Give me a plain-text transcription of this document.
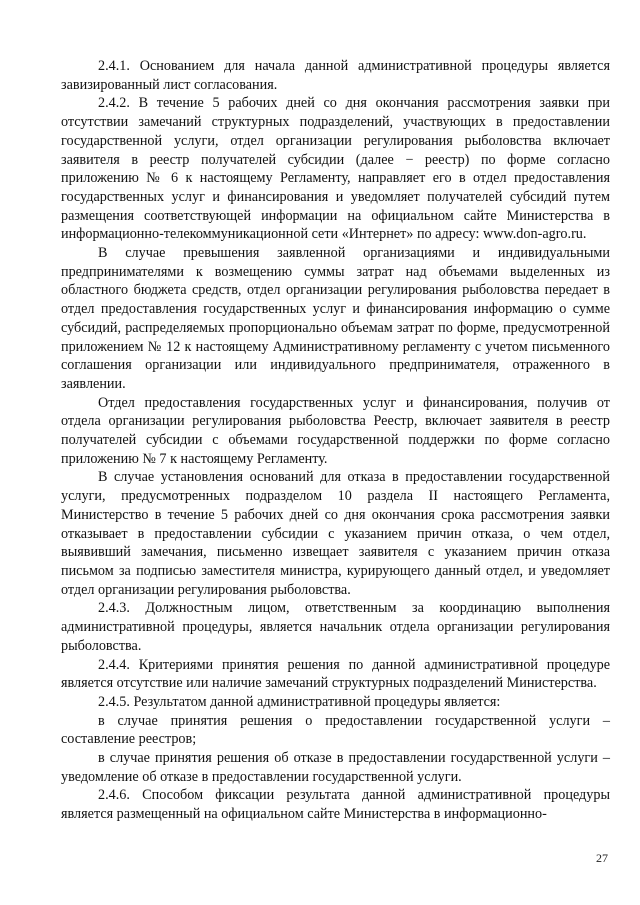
2.4.1. Основанием для начала данной административной процедуры является завизированный лист согласования.

2.4.2. В течение 5 рабочих дней со дня окончания рассмотрения заявки при отсутствии замечаний структурных подразделений, участвующих в предоставлении государственной услуги, отдел организации регулирования рыболовства включает заявителя в реестр получателей субсидии (далее − реестр) по форме согласно приложению № 6 к настоящему Регламенту, направляет его в отдел предоставления государственных услуг и финансирования и уведомляет получателей субсидий путем размещения соответствующей информации на официальном сайте Министерства в информационно-телекоммуникационной сети «Интернет» по адресу: www.don-agro.ru.

В случае превышения заявленной организациями и индивидуальными предпринимателями к возмещению суммы затрат над объемами выделенных из областного бюджета средств, отдел организации регулирования рыболовства передает в отдел предоставления государственных услуг и финансирования информацию о сумме субсидий, распределяемых пропорционально объемам затрат по форме, предусмотренной приложением № 12 к настоящему Административному регламенту с учетом письменного соглашения организации или индивидуального предпринимателя, отраженного в заявлении.

Отдел предоставления государственных услуг и финансирования, получив от отдела организации регулирования рыболовства Реестр, включает заявителя в реестр получателей субсидии с объемами государственной поддержки по форме согласно приложению № 7 к настоящему Регламенту.

В случае установления оснований для отказа в предоставлении государственной услуги, предусмотренных подразделом 10 раздела II настоящего Регламента, Министерство в течение 5 рабочих дней со дня окончания срока рассмотрения заявки отказывает в предоставлении субсидии с указанием причин отказа, о чем отдел, выявивший замечания, письменно извещает заявителя с указанием причин отказа письмом за подписью заместителя министра, курирующего данный отдел, и уведомляет отдел организации регулирования рыболовства.

2.4.3. Должностным лицом, ответственным за координацию выполнения административной процедуры, является начальник отдела организации регулирования рыболовства.

2.4.4. Критериями принятия решения по данной административной процедуре является отсутствие или наличие замечаний структурных подразделений Министерства.

2.4.5. Результатом данной административной процедуры является:

в случае принятия решения о предоставлении государственной услуги – составление реестров;

в случае принятия решения об отказе в предоставлении государственной услуги – уведомление об отказе в предоставлении государственной услуги.

2.4.6. Способом фиксации результата данной административной процедуры является размещенный на официальном сайте Министерства в информационно-

27
